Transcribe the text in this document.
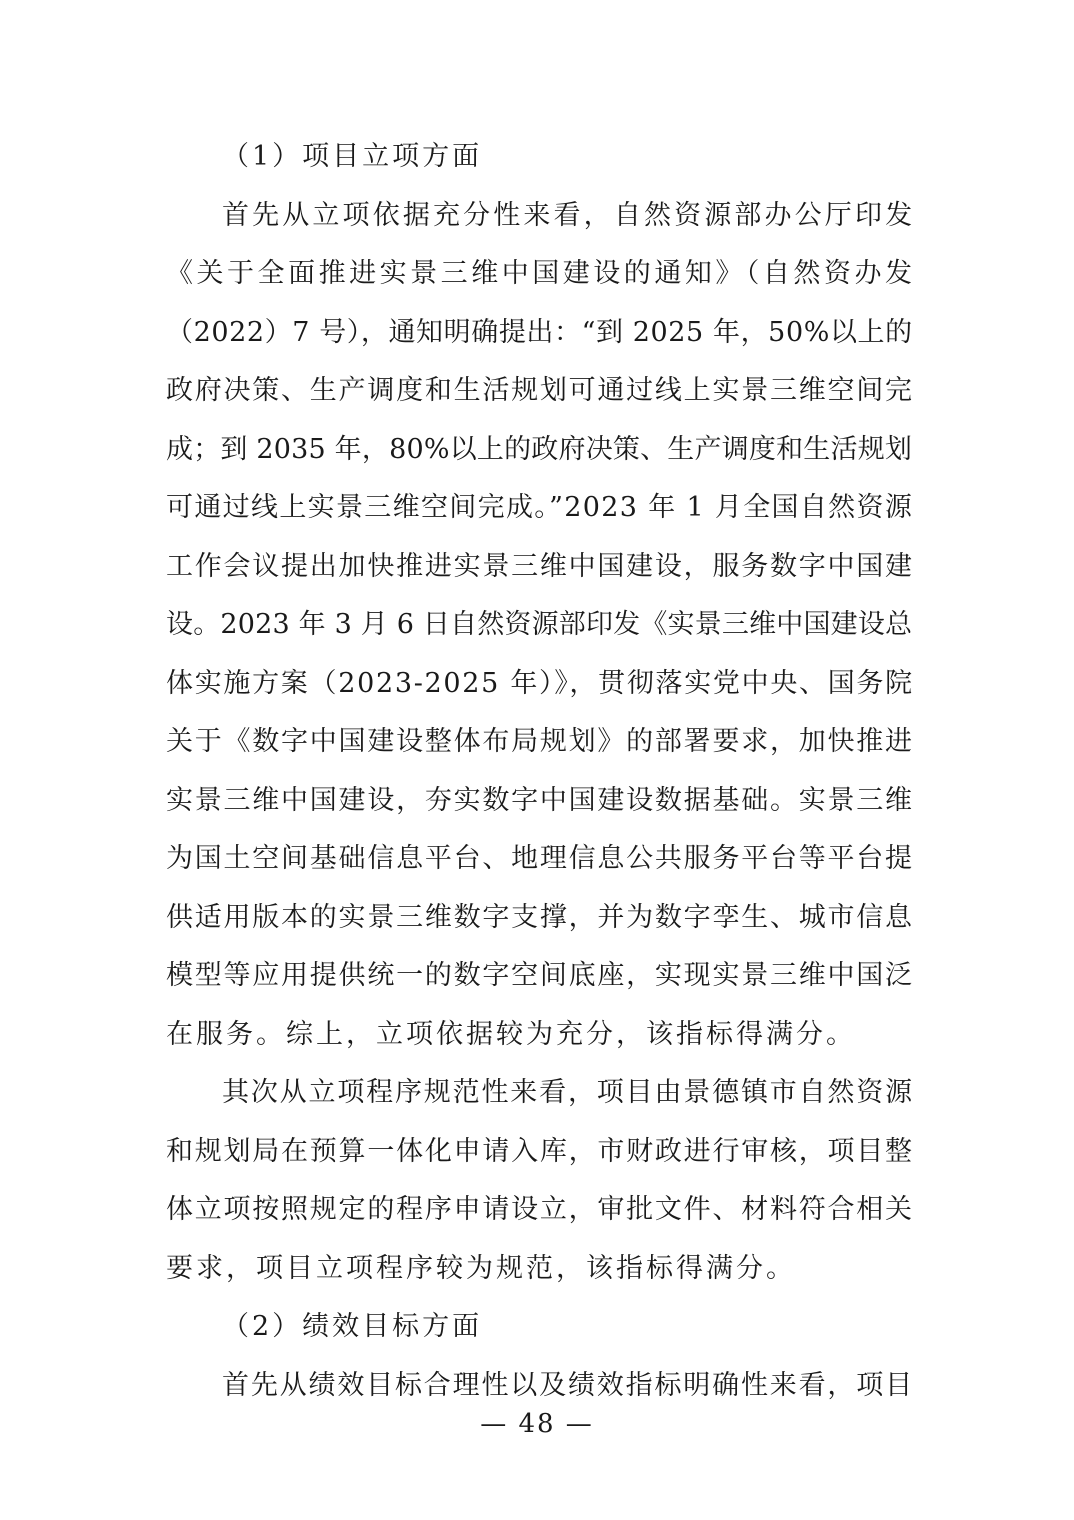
（1）项目立项方面
首先从立项依据充分性来看，自然资源部办公厅印发
《关于全面推进实景三维中国建设的通知》（自然资办发
（2022）7 号），通知明确提出：“到 2025 年，50%以上的
政府决策、生产调度和生活规划可通过线上实景三维空间完
成；到 2035 年，80%以上的政府决策、生产调度和生活规划
可通过线上实景三维空间完成。”2023 年 1 月全国自然资源
工作会议提出加快推进实景三维中国建设，服务数字中国建
设。2023 年 3 月 6 日自然资源部印发《实景三维中国建设总
体实施方案（2023-2025 年）》，贯彻落实党中央、国务院
关于《数字中国建设整体布局规划》的部署要求，加快推进
实景三维中国建设，夯实数字中国建设数据基础。实景三维
为国土空间基础信息平台、地理信息公共服务平台等平台提
供适用版本的实景三维数字支撑，并为数字孪生、城市信息
模型等应用提供统一的数字空间底座，实现实景三维中国泛
在服务。综上，立项依据较为充分，该指标得满分。
其次从立项程序规范性来看，项目由景德镇市自然资源
和规划局在预算一体化申请入库，市财政进行审核，项目整
体立项按照规定的程序申请设立，审批文件、材料符合相关
要求，项目立项程序较为规范，该指标得满分。
（2）绩效目标方面
首先从绩效目标合理性以及绩效指标明确性来看，项目
— 48 —
